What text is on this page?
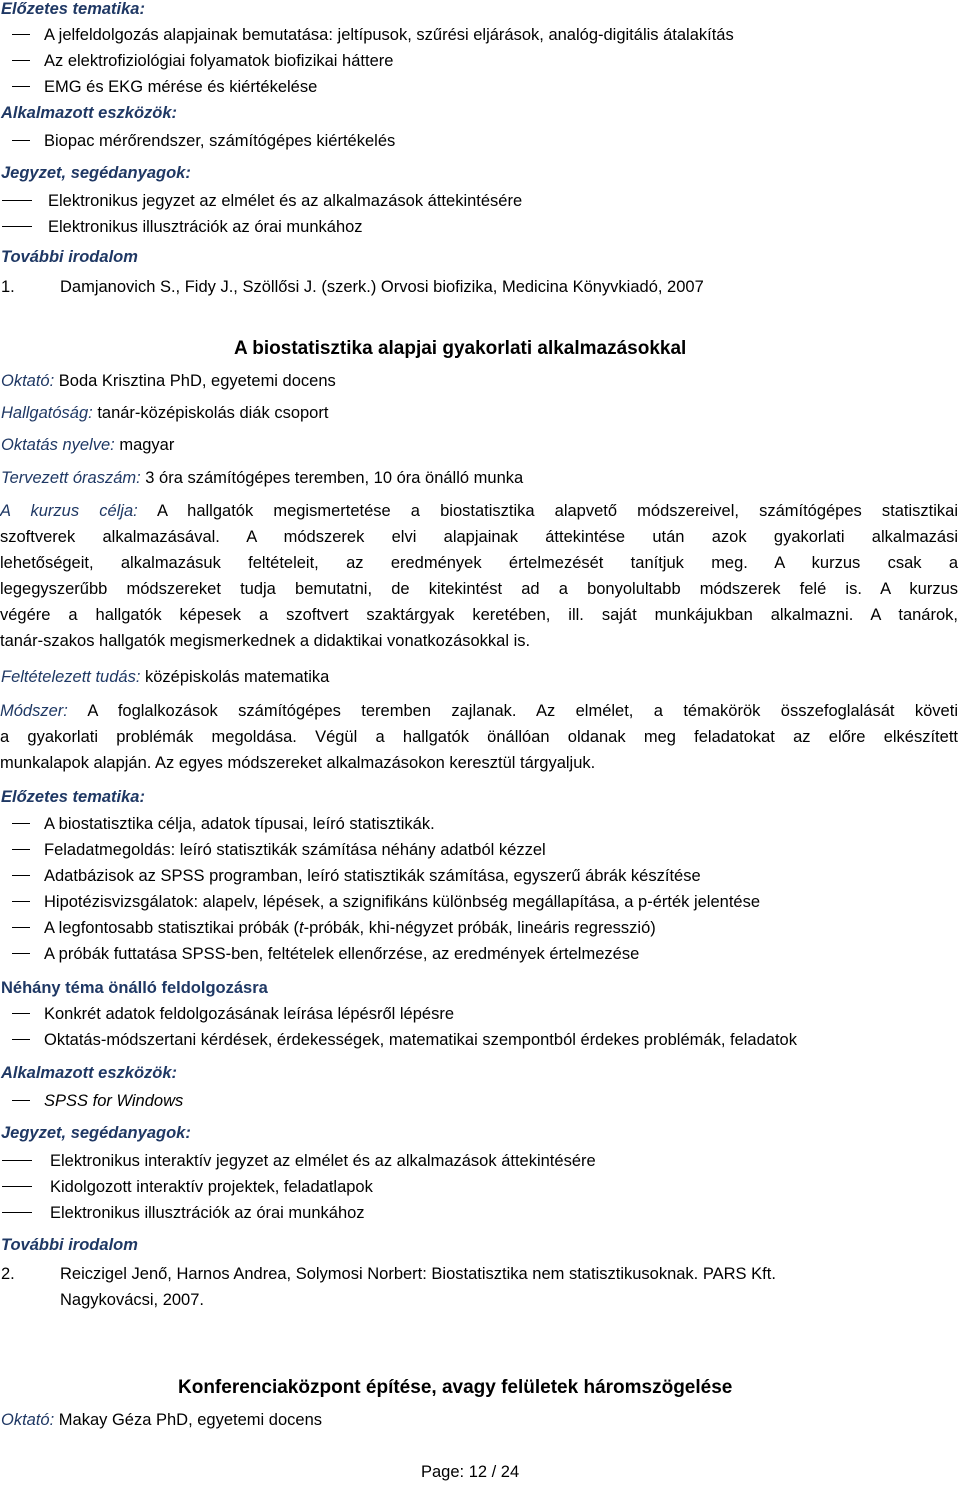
Előzetes tematika:
A jelfeldolgozás alapjainak bemutatása: jeltípusok, szűrési eljárások, analóg-digitális átalakítás
Az elektrofiziológiai folyamatok biofizikai háttere
EMG és EKG mérése és kiértékelése
Alkalmazott eszközök:
Biopac mérőrendszer, számítógépes kiértékelés
Jegyzet, segédanyagok:
Elektronikus jegyzet az elmélet és az alkalmazások áttekintésére
Elektronikus illusztrációk az órai munkához
További irodalom
1.	Damjanovich S., Fidy J., Szöllősi J. (szerk.) Orvosi biofizika, Medicina Könyvkiadó, 2007
A biostatisztika alapjai gyakorlati alkalmazásokkal
Oktató: Boda Krisztina PhD, egyetemi docens
Hallgatóság: tanár-középiskolás diák csoport
Oktatás nyelve: magyar
Tervezett óraszám: 3 óra számítógépes teremben, 10 óra önálló munka
A kurzus célja: A hallgatók megismertetése a biostatisztika alapvető módszereivel, számítógépes statisztikai
szoftverek alkalmazásával. A módszerek elvi alapjainak áttekintése után azok gyakorlati alkalmazási
lehetőségeit, alkalmazásuk feltételeit, az eredmények értelmezését tanítjuk meg. A kurzus csak a
legegyszerűbb módszereket tudja bemutatni, de kitekintést ad a bonyolultabb módszerek felé is. A kurzus
végére a hallgatók képesek a szoftvert szaktárgyak keretében, ill. saját munkájukban alkalmazni. A tanárok,
tanár-szakos hallgatók megismerkednek a didaktikai vonatkozásokkal is.
Feltételezett tudás: középiskolás matematika
Módszer: A foglalkozások számítógépes teremben zajlanak. Az elmélet, a témakörök összefoglalását követi
a gyakorlati problémák megoldása. Végül a hallgatók önállóan oldanak meg feladatokat az előre elkészített
munkalapok alapján. Az egyes módszereket alkalmazásokon keresztül tárgyaljuk.
Előzetes tematika:
A biostatisztika célja, adatok típusai, leíró statisztikák.
Feladatmegoldás: leíró statisztikák számítása néhány adatból kézzel
Adatbázisok az SPSS programban, leíró statisztikák számítása, egyszerű ábrák készítése
Hipotézisvizsgálatok: alapelv, lépések, a szignifikáns különbség megállapítása, a p-érték jelentése
A legfontosabb statisztikai próbák (t-próbák, khi-négyzet próbák, lineáris regresszió)
A próbák futtatása SPSS-ben, feltételek ellenőrzése, az eredmények értelmezése
Néhány téma önálló feldolgozásra
Konkrét adatok feldolgozásának leírása lépésről lépésre
Oktatás-módszertani kérdések, érdekességek, matematikai szempontból érdekes problémák, feladatok
Alkalmazott eszközök:
SPSS for Windows
Jegyzet, segédanyagok:
Elektronikus interaktív jegyzet az elmélet és az alkalmazások áttekintésére
Kidolgozott interaktív projektek, feladatlapok
Elektronikus illusztrációk az órai munkához
További irodalom
2.	Reiczigel Jenő, Harnos Andrea, Solymosi Norbert: Biostatisztika nem statisztikusoknak. PARS Kft.
Nagykovácsi, 2007.
Konferenciaközpont építése, avagy felületek háromszögelése
Oktató: Makay Géza PhD, egyetemi docens
Page: 12 / 24
